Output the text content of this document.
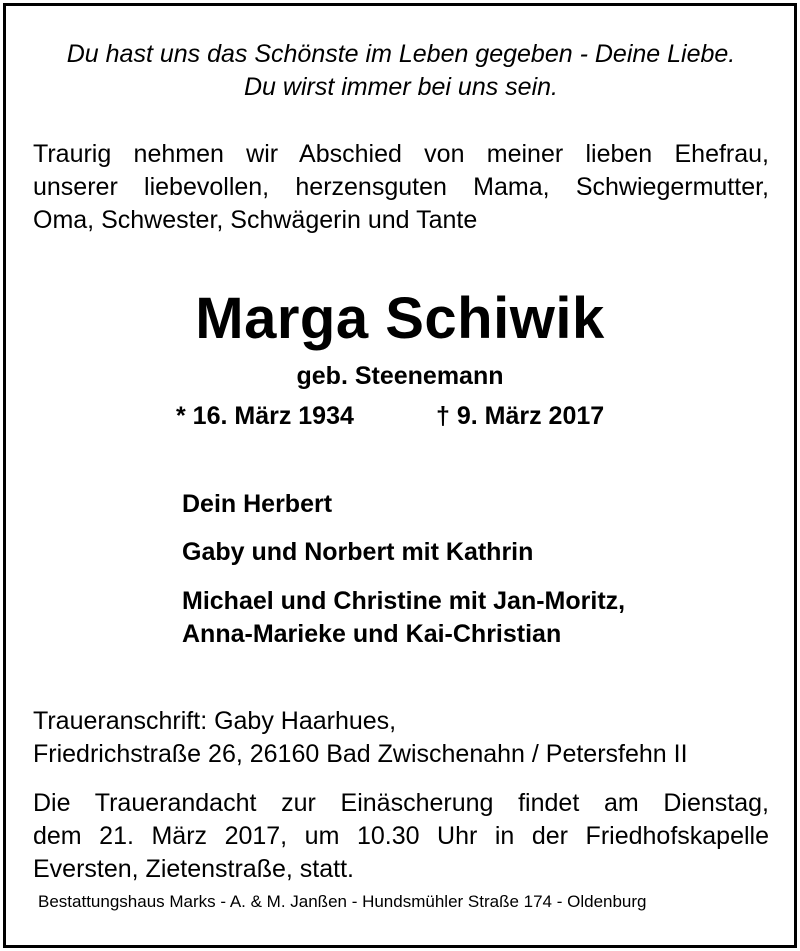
Du hast uns das Schönste im Leben gegeben - Deine Liebe.
Du wirst immer bei uns sein.
Traurig nehmen wir Abschied von meiner lieben Ehefrau,
unserer liebevollen, herzensguten Mama, Schwiegermutter,
Oma, Schwester, Schwägerin und Tante
Marga Schiwik
geb. Steenemann
* 16. März 1934	† 9. März 2017
Dein Herbert
Gaby und Norbert mit Kathrin
Michael und Christine mit Jan-Moritz,
Anna-Marieke und Kai-Christian
Traueranschrift: Gaby Haarhues,
Friedrichstraße 26, 26160 Bad Zwischenahn / Petersfehn II
Die Trauerandacht zur Einäscherung findet am Dienstag,
dem 21. März 2017, um 10.30 Uhr in der Friedhofskapelle
Eversten, Zietenstraße, statt.
Bestattungshaus Marks - A. & M. Janßen - Hundsmühler Straße 174 - Oldenburg
